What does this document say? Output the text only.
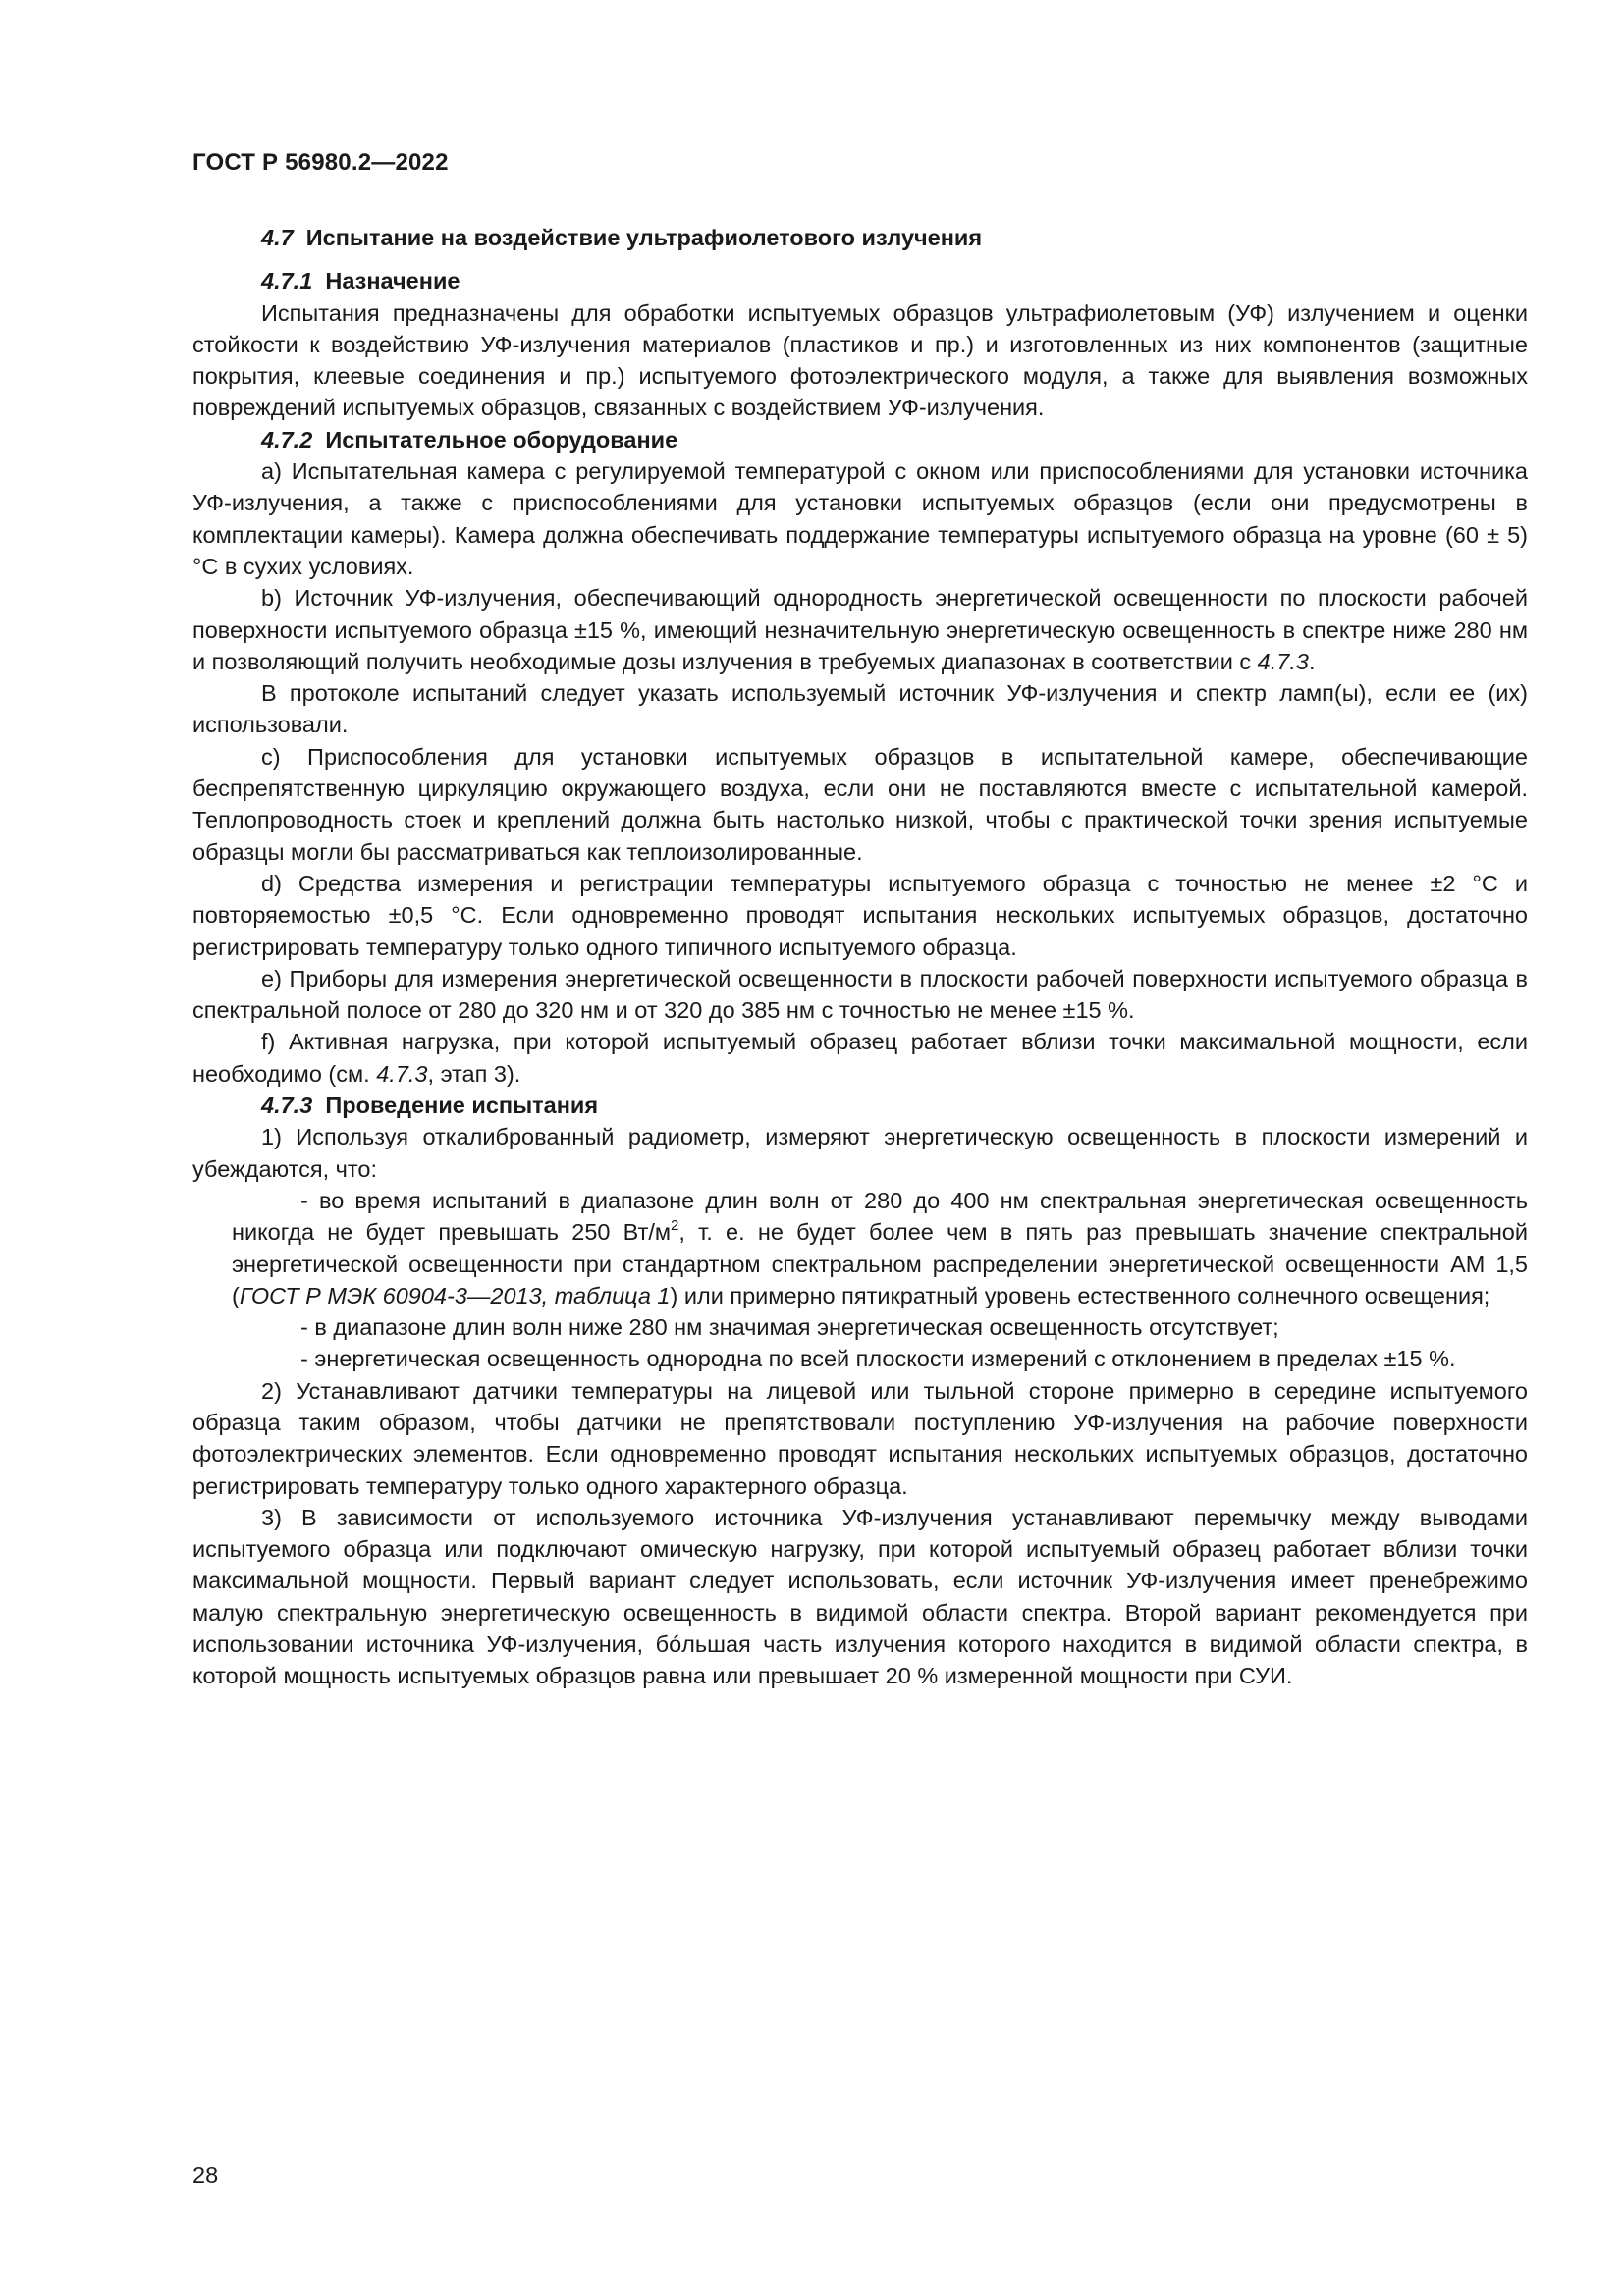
ГОСТ Р 56980.2—2022

4.7 Испытание на воздействие ультрафиолетового излучения

4.7.1 Назначение

Испытания предназначены для обработки испытуемых образцов ультрафиолетовым (УФ) излучением и оценки стойкости к воздействию УФ-излучения материалов (пластиков и пр.) и изготовленных из них компонентов (защитные покрытия, клеевые соединения и пр.) испытуемого фотоэлектрического модуля, а также для выявления возможных повреждений испытуемых образцов, связанных с воздействием УФ-излучения.

4.7.2 Испытательное оборудование

a) Испытательная камера с регулируемой температурой с окном или приспособлениями для установки источника УФ-излучения, а также с приспособлениями для установки испытуемых образцов (если они предусмотрены в комплектации камеры). Камера должна обеспечивать поддержание температуры испытуемого образца на уровне (60 ± 5) °С в сухих условиях.

b) Источник УФ-излучения, обеспечивающий однородность энергетической освещенности по плоскости рабочей поверхности испытуемого образца ±15 %, имеющий незначительную энергетическую освещенность в спектре ниже 280 нм и позволяющий получить необходимые дозы излучения в требуемых диапазонах в соответствии с 4.7.3.

В протоколе испытаний следует указать используемый источник УФ-излучения и спектр ламп(ы), если ее (их) использовали.

c) Приспособления для установки испытуемых образцов в испытательной камере, обеспечивающие беспрепятственную циркуляцию окружающего воздуха, если они не поставляются вместе с испытательной камерой. Теплопроводность стоек и креплений должна быть настолько низкой, чтобы с практической точки зрения испытуемые образцы могли бы рассматриваться как теплоизолированные.

d) Средства измерения и регистрации температуры испытуемого образца с точностью не менее ±2 °С и повторяемостью ±0,5 °С. Если одновременно проводят испытания нескольких испытуемых образцов, достаточно регистрировать температуру только одного типичного испытуемого образца.

e) Приборы для измерения энергетической освещенности в плоскости рабочей поверхности испытуемого образца в спектральной полосе от 280 до 320 нм и от 320 до 385 нм с точностью не менее ±15 %.

f) Активная нагрузка, при которой испытуемый образец работает вблизи точки максимальной мощности, если необходимо (см. 4.7.3, этап 3).

4.7.3 Проведение испытания

1) Используя откалиброванный радиометр, измеряют энергетическую освещенность в плоскости измерений и убеждаются, что:

- во время испытаний в диапазоне длин волн от 280 до 400 нм спектральная энергетическая освещенность никогда не будет превышать 250 $Вт/м^2$, т. е. не будет более чем в пять раз превышать значение спектральной энергетической освещенности при стандартном спектральном распределении энергетической освещенности АМ 1,5 (ГОСТ Р МЭК 60904-3—2013, таблица 1) или примерно пятикратный уровень естественного солнечного освещения;

- в диапазоне длин волн ниже 280 нм значимая энергетическая освещенность отсутствует;

- энергетическая освещенность однородна по всей плоскости измерений с отклонением в пределах ±15 %.

2) Устанавливают датчики температуры на лицевой или тыльной стороне примерно в середине испытуемого образца таким образом, чтобы датчики не препятствовали поступлению УФ-излучения на рабочие поверхности фотоэлектрических элементов. Если одновременно проводят испытания нескольких испытуемых образцов, достаточно регистрировать температуру только одного характерного образца.

3) В зависимости от используемого источника УФ-излучения устанавливают перемычку между выводами испытуемого образца или подключают омическую нагрузку, при которой испытуемый образец работает вблизи точки максимальной мощности. Первый вариант следует использовать, если источник УФ-излучения имеет пренебрежимо малую спектральную энергетическую освещенность в видимой области спектра. Второй вариант рекомендуется при использовании источника УФ-излучения, бóльшая часть излучения которого находится в видимой области спектра, в которой мощность испытуемых образцов равна или превышает 20 % измеренной мощности при СУИ.

28
